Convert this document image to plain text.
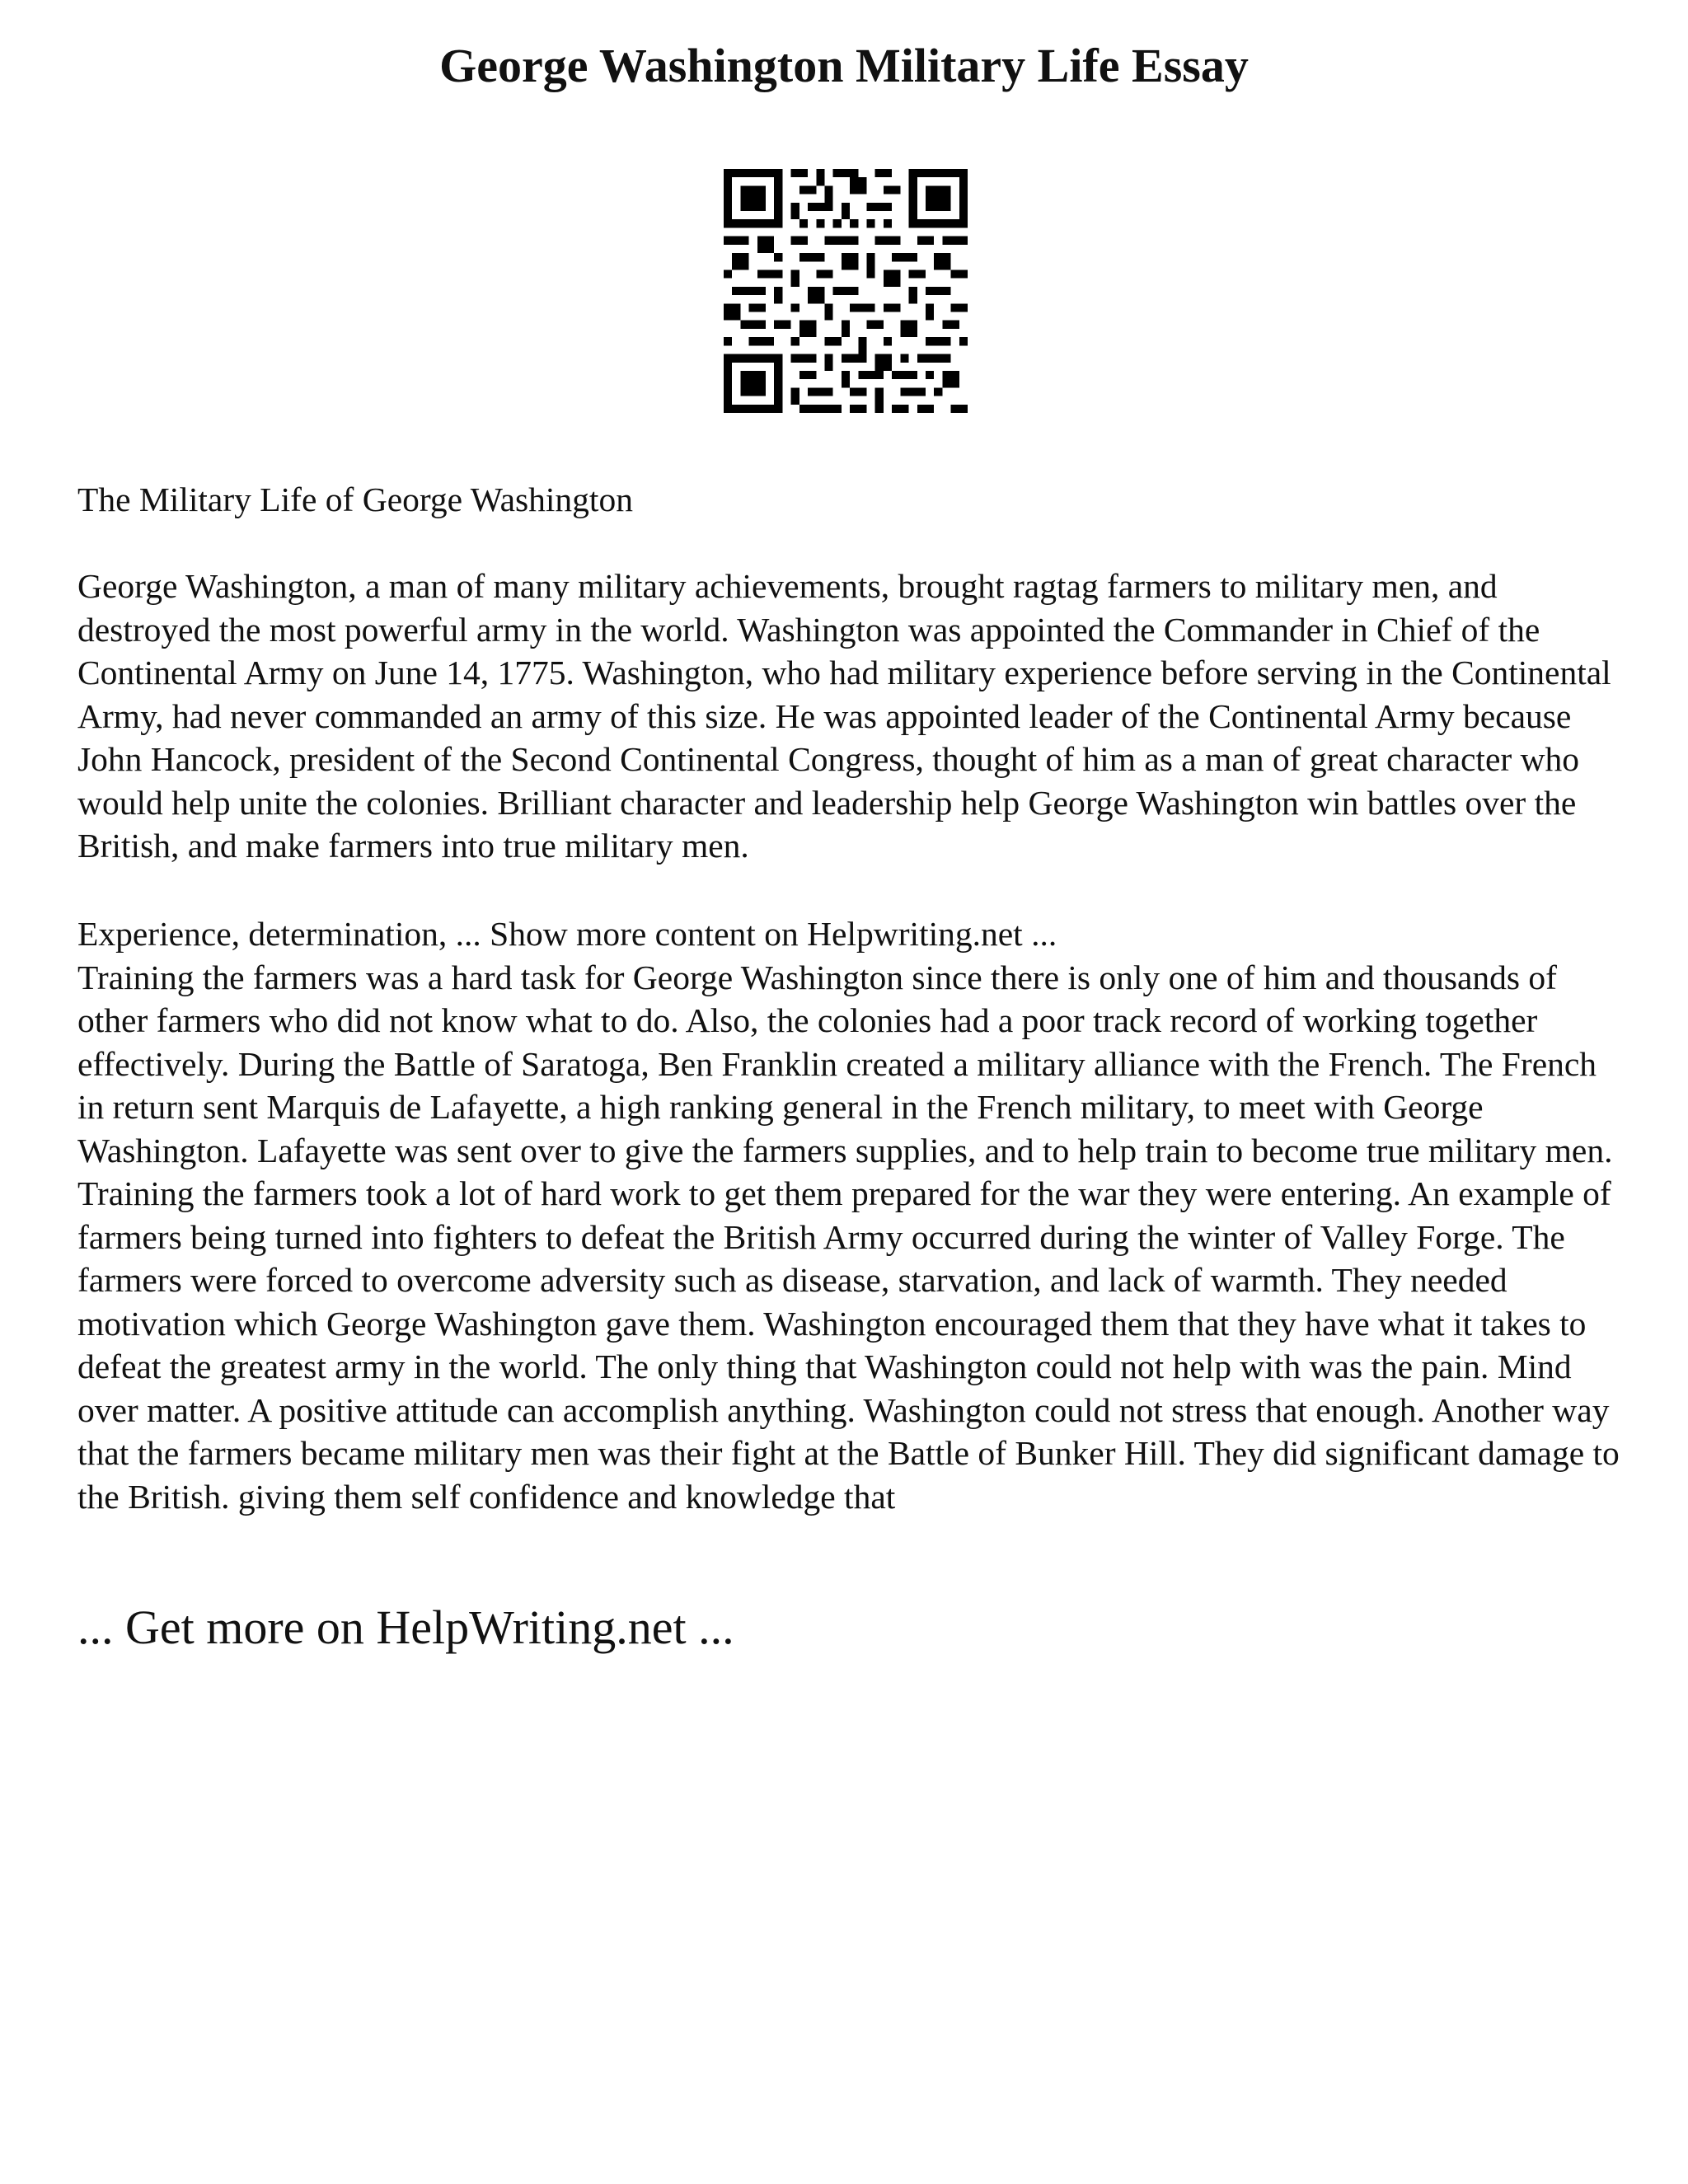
George Washington Military Life Essay

The Military Life of George Washington

George Washington, a man of many military achievements, brought ragtag farmers to military men, and destroyed the most powerful army in the world. Washington was appointed the Commander in Chief of the Continental Army on June 14, 1775. Washington, who had military experience before serving in the Continental Army, had never commanded an army of this size. He was appointed leader of the Continental Army because John Hancock, president of the Second Continental Congress, thought of him as a man of great character who would help unite the colonies. Brilliant character and leadership help George Washington win battles over the British, and make farmers into true military men.

Experience, determination, ... Show more content on Helpwriting.net ...
Training the farmers was a hard task for George Washington since there is only one of him and thousands of other farmers who did not know what to do. Also, the colonies had a poor track record of working together effectively. During the Battle of Saratoga, Ben Franklin created a military alliance with the French. The French in return sent Marquis de Lafayette, a high ranking general in the French military, to meet with George Washington. Lafayette was sent over to give the farmers supplies, and to help train to become true military men. Training the farmers took a lot of hard work to get them prepared for the war they were entering. An example of farmers being turned into fighters to defeat the British Army occurred during the winter of Valley Forge. The farmers were forced to overcome adversity such as disease, starvation, and lack of warmth. They needed motivation which George Washington gave them. Washington encouraged them that they have what it takes to defeat the greatest army in the world. The only thing that Washington could not help with was the pain. Mind over matter. A positive attitude can accomplish anything. Washington could not stress that enough. Another way that the farmers became military men was their fight at the Battle of Bunker Hill. They did significant damage to the British. giving them self confidence and knowledge that

... Get more on HelpWriting.net ...
